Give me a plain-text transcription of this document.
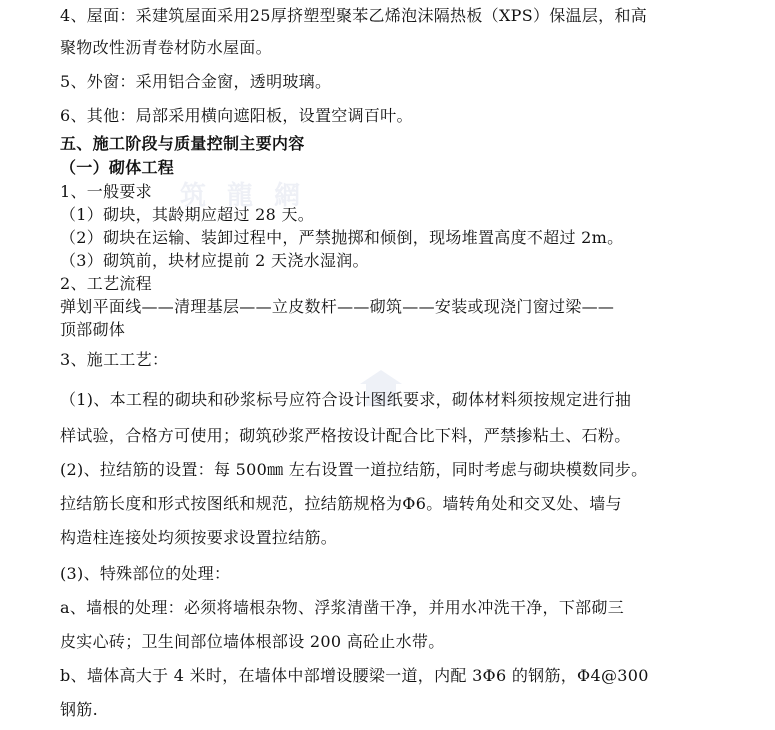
筑 龍 網
4、屋面：采建筑屋面采用25厚挤塑型聚苯乙烯泡沫隔热板（XPS）保温层，和高
聚物改性沥青卷材防水屋面。
5、外窗：采用铝合金窗，透明玻璃。
6、其他：局部采用横向遮阳板，设置空调百叶。
五、施工阶段与质量控制主要内容
（一）砌体工程
1、一般要求
（1）砌块，其龄期应超过 28 天。
（2）砌块在运输、装卸过程中，严禁抛掷和倾倒，现场堆置高度不超过 2m。
（3）砌筑前，块材应提前 2 天浇水湿润。
2、工艺流程
弹划平面线——清理基层——立皮数杆——砌筑——安装或现浇门窗过梁——
顶部砌体
3、施工工艺：
（1)、本工程的砌块和砂浆标号应符合设计图纸要求，砌体材料须按规定进行抽
样试验，合格方可使用；砌筑砂浆严格按设计配合比下料，严禁掺粘土、石粉。
(2)、拉结筋的设置：每 500㎜ 左右设置一道拉结筋，同时考虑与砌块模数同步。
拉结筋长度和形式按图纸和规范，拉结筋规格为Φ6。墙转角处和交叉处、墙与
构造柱连接处均须按要求设置拉结筋。
(3)、特殊部位的处理：
a、墙根的处理：必须将墙根杂物、浮浆清凿干净，并用水冲洗干净，下部砌三
皮实心砖；卫生间部位墙体根部设 200 高砼止水带。
b、墙体高大于 4 米时，在墙体中部增设腰梁一道，内配 3Φ6 的钢筋，Φ4@300
钢筋.
